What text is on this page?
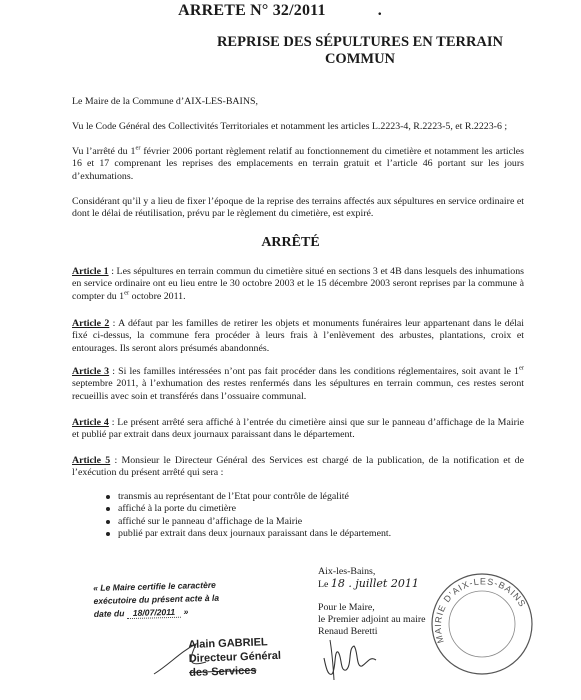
ARRETE N° 32/2011	.
REPRISE DES SÉPULTURES EN TERRAIN
COMMUN

Le Maire de la Commune d’AIX-LES-BAINS,

Vu le Code Général des Collectivités Territoriales et notamment les articles L.2223-4, R.2223-5, et R.2223-6 ;

Vu l’arrêté du 1er février 2006 portant règlement relatif au fonctionnement du cimetière et notamment les articles 16 et 17 comprenant les reprises des emplacements en terrain gratuit et l’article 46 portant sur les jours d’exhumations.

Considérant qu’il y a lieu de fixer l’époque de la reprise des terrains affectés aux sépultures en service ordinaire et dont le délai de réutilisation, prévu par le règlement du cimetière, est expiré.

ARRÊTÉ

Article 1 : Les sépultures en terrain commun du cimetière situé en sections 3 et 4B dans lesquels des inhumations en service ordinaire ont eu lieu entre le 30 octobre 2003 et le 15 décembre 2003 seront reprises par la commune à compter du 1er octobre 2011.

Article 2 : A défaut par les familles de retirer les objets et monuments funéraires leur appartenant dans le délai fixé ci-dessus, la commune fera procéder à leurs frais à l’enlèvement des arbustes, plantations, croix et entourages. Ils seront alors présumés abandonnés.

Article 3 : Si les familles intéressées n’ont pas fait procéder dans les conditions réglementaires, soit avant le 1er septembre 2011, à l’exhumation des restes renfermés dans les sépultures en terrain commun, ces restes seront recueillis avec soin et transférés dans l’ossuaire communal.

Article 4 : Le présent arrêté sera affiché à l’entrée du cimetière ainsi que sur le panneau d’affichage de la Mairie et publié par extrait dans deux journaux paraissant dans le département.

Article 5 : Monsieur le Directeur Général des Services est chargé de la publication, de la notification et de l’exécution du présent arrêté qui sera :

transmis au représentant de l’Etat pour contrôle de légalité
affiché à la porte du cimetière
affiché sur le panneau d’affichage de la Mairie
publié par extrait dans deux journaux paraissant dans le département.
Aix-les-Bains,
Le 18 . juillet 2011
Pour le Maire,
le Premier adjoint au maire
Renaud Beretti
MAIRIE D’AIX-LES-BAINS
« Le Maire certifie le caractère
exécutoire du présent acte à la
date du 18/07/2011 »
Alain GABRIEL
Directeur Général
des Services
